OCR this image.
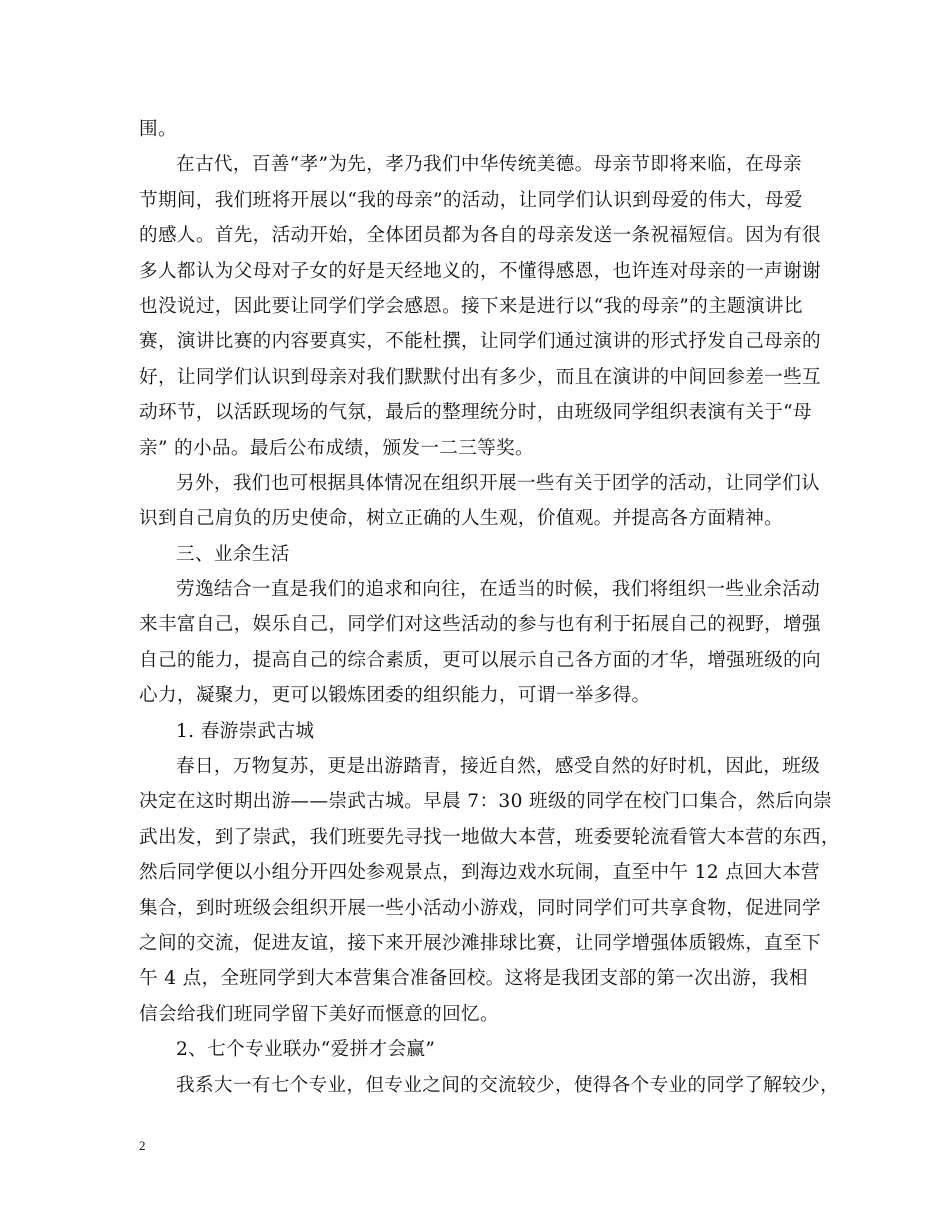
围。
在古代，百善“孝”为先，孝乃我们中华传统美德。母亲节即将来临，在母亲
节期间，我们班将开展以“我的母亲”的活动，让同学们认识到母爱的伟大，母爱
的感人。首先，活动开始，全体团员都为各自的母亲发送一条祝福短信。因为有很
多人都认为父母对子女的好是天经地义的，不懂得感恩，也许连对母亲的一声谢谢
也没说过，因此要让同学们学会感恩。接下来是进行以“我的母亲”的主题演讲比
赛，演讲比赛的内容要真实，不能杜撰，让同学们通过演讲的形式抒发自己母亲的
好，让同学们认识到母亲对我们默默付出有多少，而且在演讲的中间回参差一些互
动环节，以活跃现场的气氛，最后的整理统分时，由班级同学组织表演有关于“母
亲” 的小品。最后公布成绩，颁发一二三等奖。
另外，我们也可根据具体情况在组织开展一些有关于团学的活动，让同学们认
识到自己肩负的历史使命，树立正确的人生观，价值观。并提高各方面精神。
三、业余生活
劳逸结合一直是我们的追求和向往，在适当的时候，我们将组织一些业余活动
来丰富自己，娱乐自己，同学们对这些活动的参与也有利于拓展自己的视野，增强
自己的能力，提高自己的综合素质，更可以展示自己各方面的才华，增强班级的向
心力，凝聚力，更可以锻炼团委的组织能力，可谓一举多得。
1. 春游崇武古城
春日，万物复苏，更是出游踏青，接近自然，感受自然的好时机，因此，班级
决定在这时期出游——崇武古城。早晨 7：30 班级的同学在校门口集合，然后向崇
武出发，到了崇武，我们班要先寻找一地做大本营，班委要轮流看管大本营的东西，
然后同学便以小组分开四处参观景点，到海边戏水玩闹，直至中午 12 点回大本营
集合，到时班级会组织开展一些小活动小游戏，同时同学们可共享食物，促进同学
之间的交流，促进友谊，接下来开展沙滩排球比赛，让同学增强体质锻炼，直至下
午 4 点，全班同学到大本营集合准备回校。这将是我团支部的第一次出游，我相
信会给我们班同学留下美好而惬意的回忆。
2、七个专业联办“爱拼才会赢”
我系大一有七个专业，但专业之间的交流较少，使得各个专业的同学了解较少，
2
